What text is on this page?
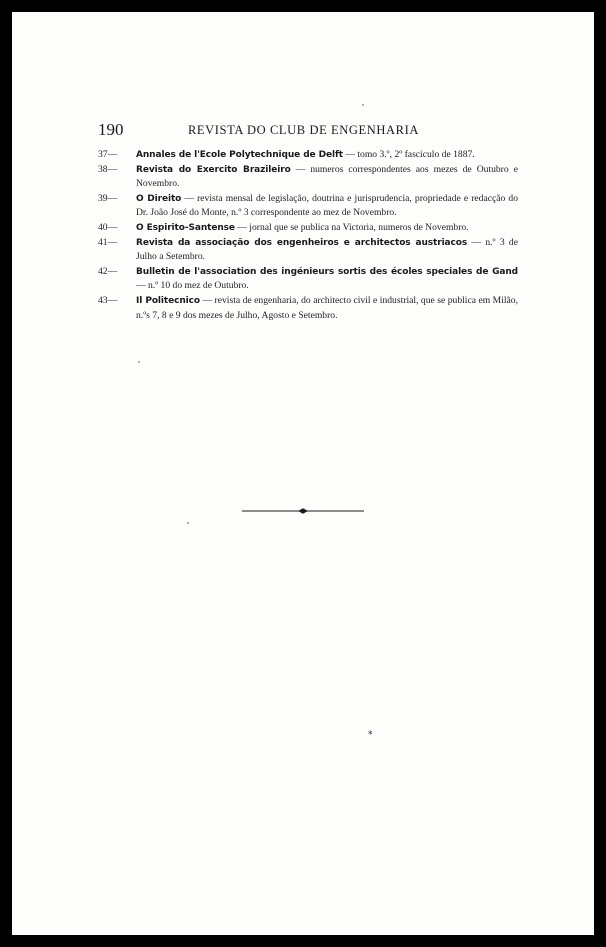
190	REVISTA DO CLUB DE ENGENHARIA
37—	Annales de l'Ecole Polytechnique de Delft — tomo 3.º, 2º fasciculo de 1887.
38—	Revista do Exercito Brazileiro — numeros correspondentes aos mezes de Outubro e Novembro.
39—	O Direito — revista mensal de legislação, doutrina e jurisprudencia, propriedade e redacção do Dr. João José do Monte, n.º 3 correspondente ao mez de Novembro.
40—	O Espirito-Santense — jornal que se publica na Victoria, numeros de Novembro.
41—	Revista da associação dos engenheiros e architectos austriacos — n.º 3 de Julho a Setembro.
42—	Bulletin de l'association des ingénieurs sortis des écoles speciales de Gand — n.º 10 do mez de Outubro.
43—	Il Politecnico — revista de engenharia, do architecto civil e industrial, que se publica em Milão, n.ºs 7, 8 e 9 dos mezes de Julho, Agosto e Setembro.
*
